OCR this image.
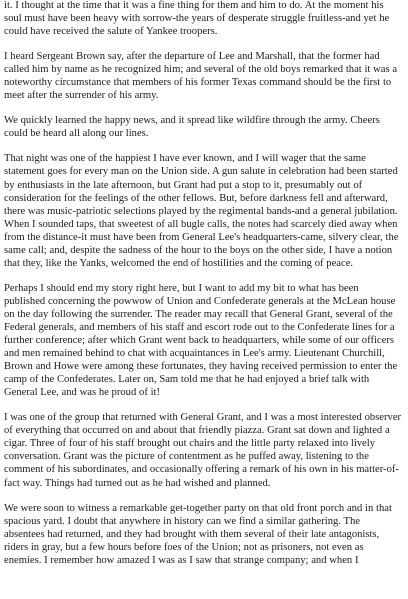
it. I thought at the time that it was a fine thing for them and him to do. At the moment his soul must have been heavy with sorrow-the years of desperate struggle fruitless-and yet he could have received the salute of Yankee troopers.

I heard Sergeant Brown say, after the departure of Lee and Marshall, that the former had called him by name as he recognized him; and several of the old boys remarked that it was a noteworthy circumstance that members of his former Texas command should be the first to meet after the surrender of his army.

We quickly learned the happy news, and it spread like wildfire through the army. Cheers could be heard all along our lines.

That night was one of the happiest I have ever known, and I will wager that the same statement goes for every man on the Union side. A gun salute in celebration had been started by enthusiasts in the late afternoon, but Grant had put a stop to it, presumably out of consideration for the feelings of the other fellows. But, before darkness fell and afterward, there was music-patriotic selections played by the regimental bands-and a general jubilation. When I sounded taps, that sweetest of all bugle calls, the notes had scarcely died away when from the distance-it must have been from General Lee's headquarters-came, silvery clear, the same call; and, despite the sadness of the hour to the boys on the other side, I have a notion that they, like the Yanks, welcomed the end of hostilities and the coming of peace.

Perhaps I should end my story right here, but I want to add my bit to what has been published concerning the powwow of Union and Confederate generals at the McLean house on the day following the surrender. The reader may recall that General Grant, several of the Federal generals, and members of his staff and escort rode out to the Confederate lines for a further conference; after which Grant went back to headquarters, while some of our officers and men remained behind to chat with acquaintances in Lee's army. Lieutenant Churchill, Brown and Howe were among these fortunates, they having received permission to enter the camp of the Confederates. Later on, Sam told me that he had enjoyed a brief talk with General Lee, and was he proud of it!

I was one of the group that returned with General Grant, and I was a most interested observer of everything that occurred on and about that friendly piazza. Grant sat down and lighted a cigar. Three of four of his staff brought out chairs and the little party relaxed into lively conversation. Grant was the picture of contentment as he puffed away, listening to the comment of his subordinates, and occasionally offering a remark of his own in his matter-of-fact way. Things had turned out as he had wished and planned.

We were soon to witness a remarkable get-together party on that old front porch and in that spacious yard. I doubt that anywhere in history can we find a similar gathering. The absentees had returned, and they had brought with them several of their late antagonists, riders in gray, but a few hours before foes of the Union; not as prisoners, not even as enemies. I remember how amazed I was as I saw that strange company; and when I
